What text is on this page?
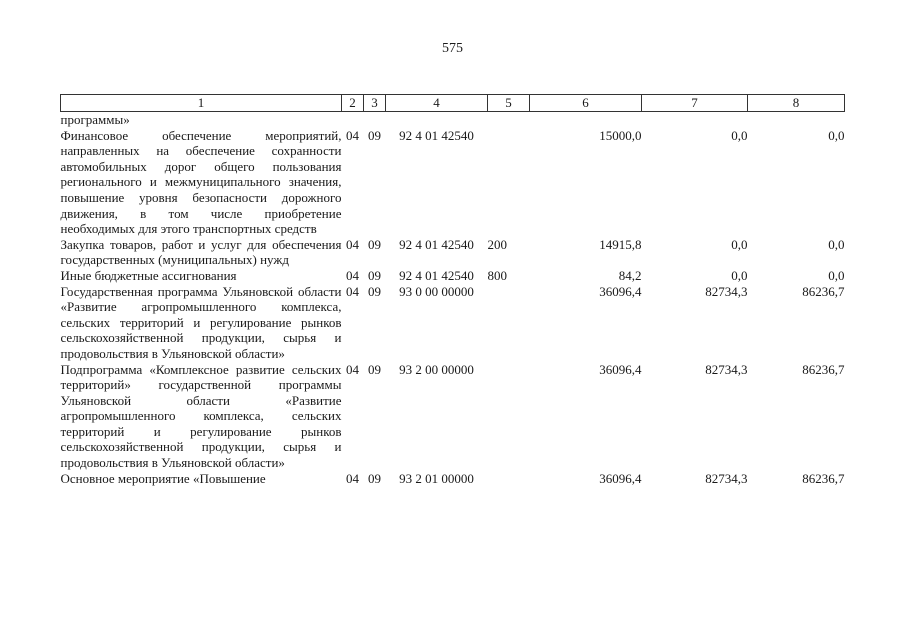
575
1	2	3	4	5	6	7	8
программы»							
Финансовое обеспечение мероприятий, направленных на обеспечение сохранности автомобильных дорог общего пользования регионального и межмуниципального значения, повышение уровня безопасности дорожного движения, в том числе приобретение необходимых для этого транспортных средств	04	09	92 4 01 42540		15000,0	0,0	0,0
Закупка товаров, работ и услуг для обеспечения государственных (муниципальных) нужд	04	09	92 4 01 42540	200	14915,8	0,0	0,0
Иные бюджетные ассигнования	04	09	92 4 01 42540	800	84,2	0,0	0,0
Государственная программа Ульяновской области «Развитие агропромышленного комплекса, сельских территорий и регулирование рынков сельскохозяйственной продукции, сырья и продовольствия в Ульяновской области»	04	09	93 0 00 00000		36096,4	82734,3	86236,7
Подпрограмма «Комплексное развитие сельских территорий» государственной программы Ульяновской области «Развитие агропромышленного комплекса, сельских территорий и регулирование рынков сельскохозяйственной продукции, сырья и продовольствия в Ульяновской области»	04	09	93 2 00 00000		36096,4	82734,3	86236,7
Основное мероприятие «Повышение	04	09	93 2 01 00000		36096,4	82734,3	86236,7
